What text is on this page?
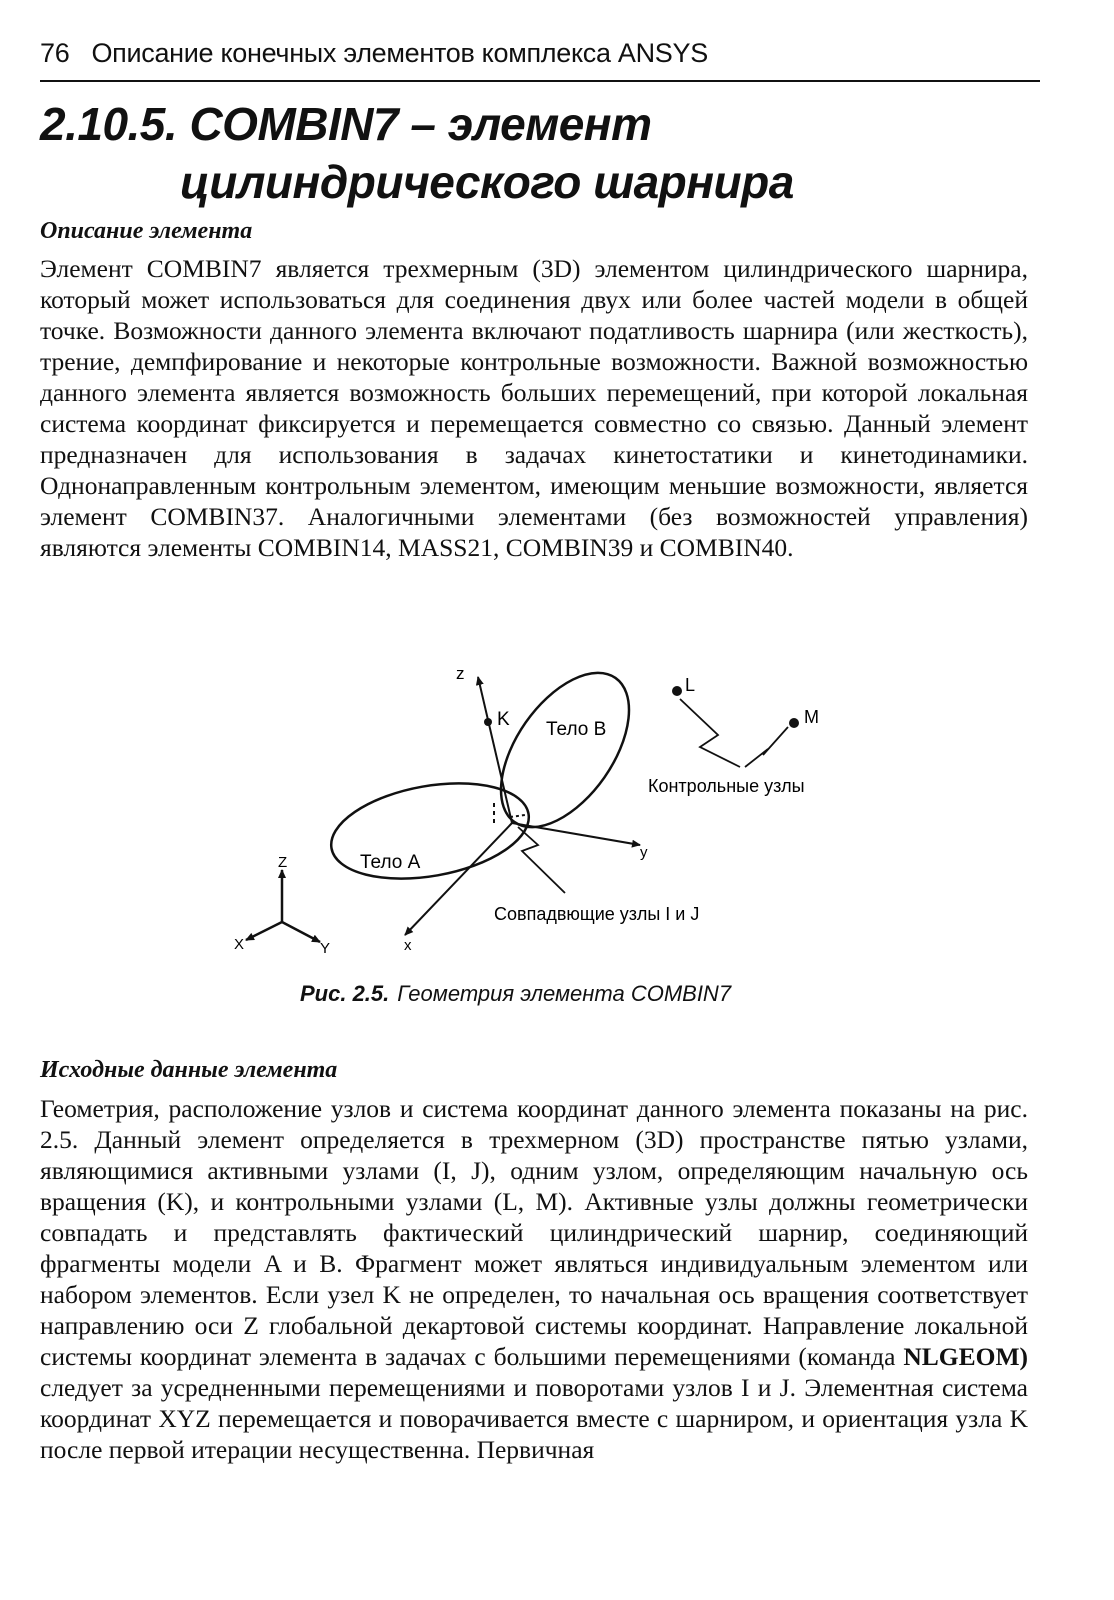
76 Описание конечных элементов комплекса ANSYS
2.10.5. COMBIN7 – элемент
цилиндрического шарнира
Описание элемента

Элемент COMBIN7 является трехмерным (3D) элементом цилиндрического шарнира, который может использоваться для соединения двух или более частей модели в общей точке. Возможности данного элемента включают податливость шарнира (или жесткость), трение, демпфирование и некоторые контрольные возможности. Важной возможностью данного элемента является возможность больших перемещений, при которой локальная система координат фиксируется и перемещается совместно со связью. Данный элемент предназначен для использования в задачах кинетостатики и кинетодинамики. Однонаправленным контрольным элементом, имеющим меньшие возможности, является элемент COMBIN37. Аналогичными элементами (без возможностей управления) являются элементы COMBIN14, MASS21, COMBIN39 и COMBIN40.

z
K Тело B
L
M
Контрольные узлы
Тело A	y
Совпадвющие узлы I и J
x
Z
X	Y
Рис. 2.5. Геометрия элемента COMBIN7
Исходные данные элемента

Геометрия, расположение узлов и система координат данного элемента показаны на рис. 2.5. Данный элемент определяется в трехмерном (3D) пространстве пятью узлами, являющимися активными узлами (I, J), одним узлом, определяющим начальную ось вращения (K), и контрольными узлами (L, M). Активные узлы должны геометрически совпадать и представлять фактический цилиндрический шарнир, соединяющий фрагменты модели A и B. Фрагмент может являться индивидуальным элементом или набором элементов. Если узел K не определен, то начальная ось вращения соответствует направлению оси Z глобальной декартовой системы координат. Направление локальной системы координат элемента в задачах с большими перемещениями (команда NLGEOM) следует за усредненными перемещениями и поворотами узлов I и J. Элементная система координат XYZ перемещается и поворачивается вместе с шарниром, и ориентация узла K после первой итерации несущественна. Первичная
